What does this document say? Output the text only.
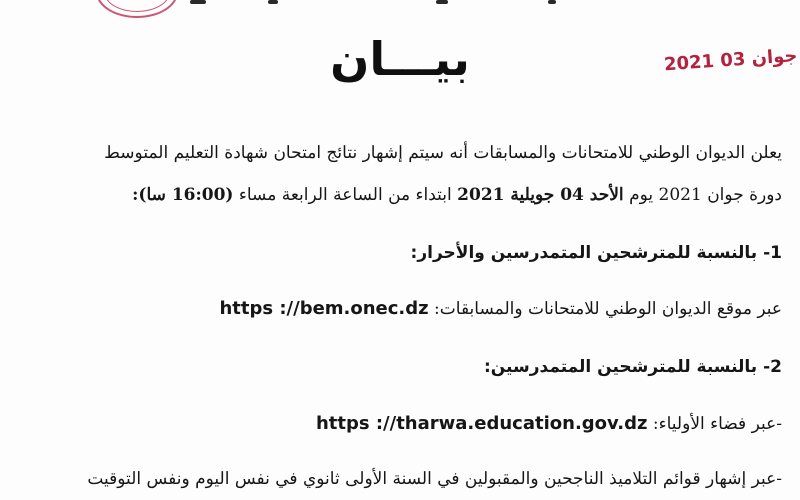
2021 جوان 03
بيـــان
يعلن الديوان الوطني للامتحانات والمسابقات أنه سيتم إشهار نتائج امتحان شهادة التعليم المتوسط
دورة جوان 2021 يوم الأحد 04 جويلية 2021 ابتداء من الساعة الرابعة مساء (16:00 سا):
1- بالنسبة للمترشحين المتمدرسين والأحرار:
عبر موقع الديوان الوطني للامتحانات والمسابقات: https ://bem.onec.dz
2- بالنسبة للمترشحين المتمدرسين:
-عبر فضاء الأولياء: https ://tharwa.education.gov.dz
-عبر إشهار قوائم التلاميذ الناجحين والمقبولين في السنة الأولى ثانوي في نفس اليوم ونفس التوقيت
